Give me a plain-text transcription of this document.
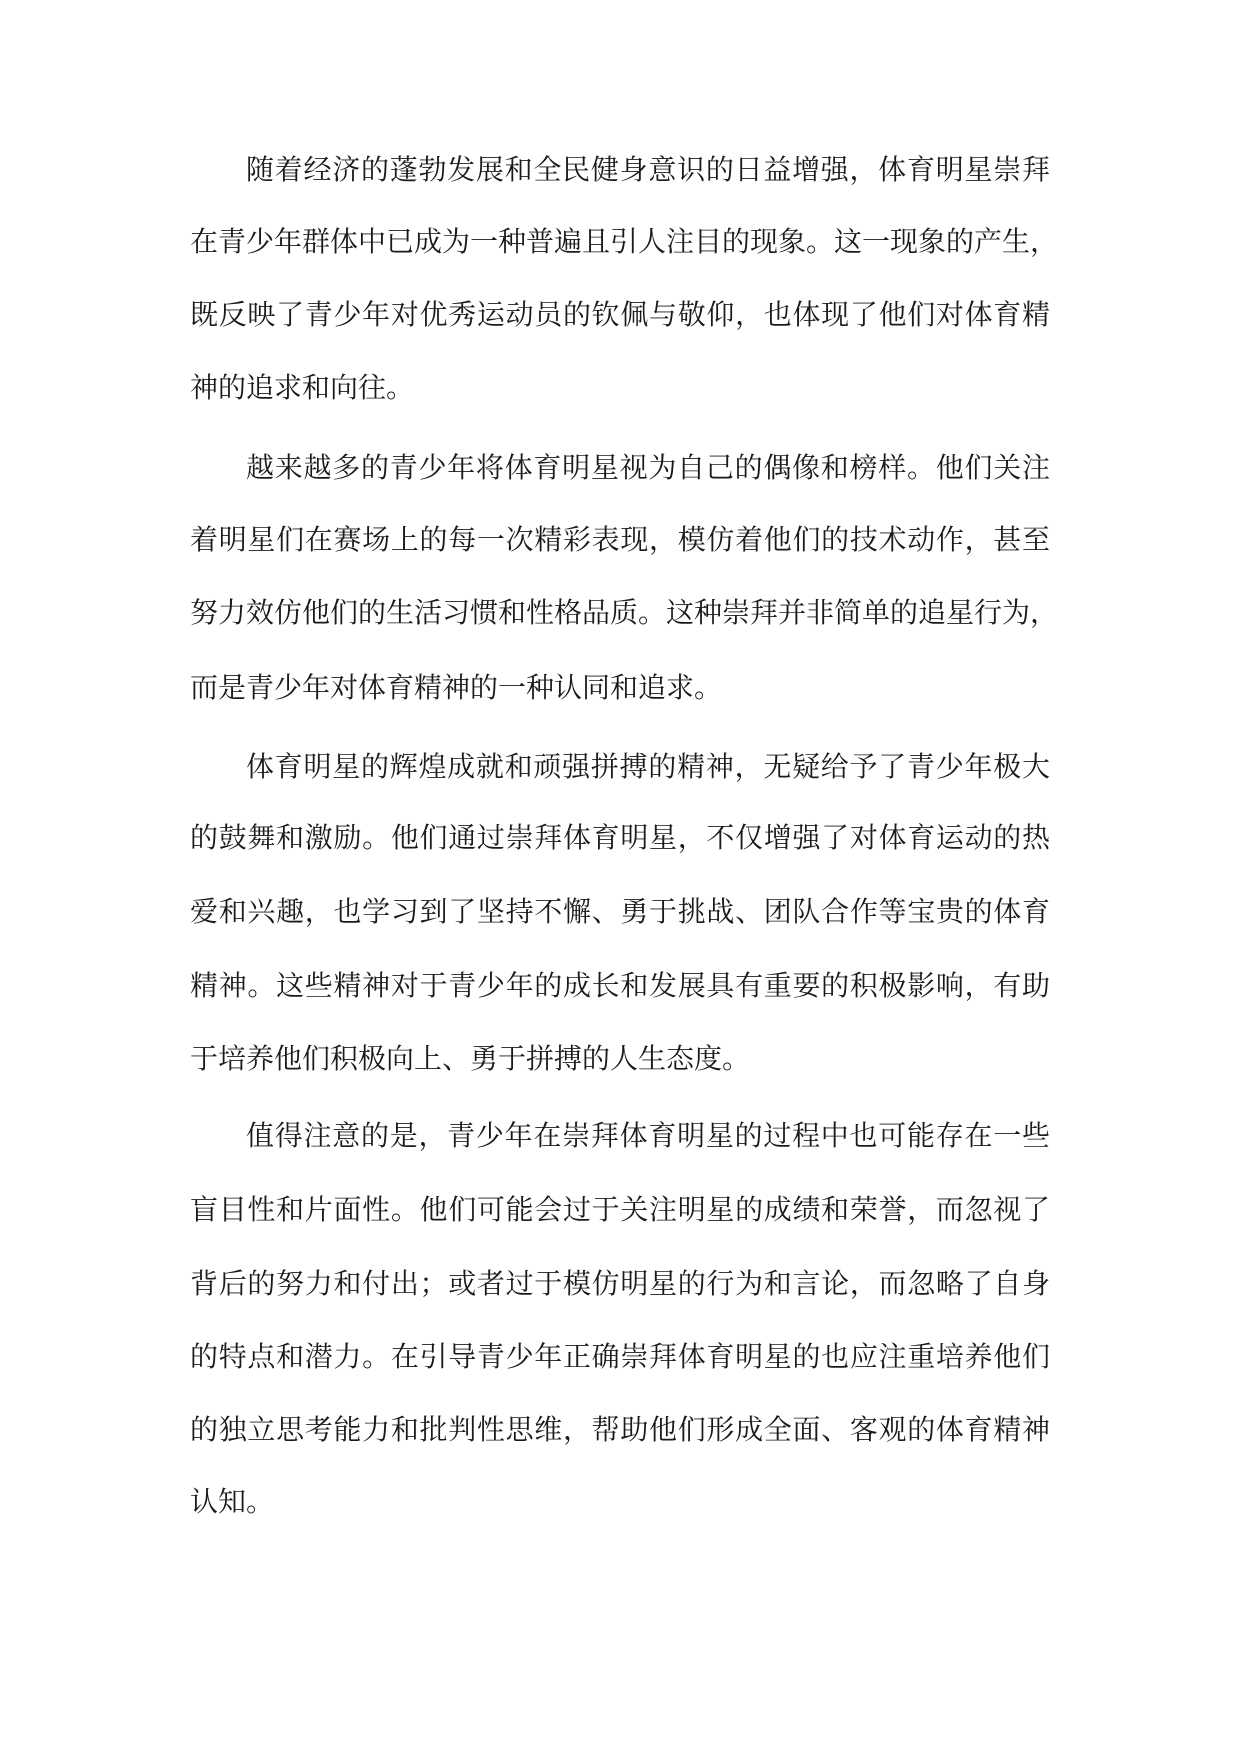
随着经济的蓬勃发展和全民健身意识的日益增强，体育明星崇拜
在青少年群体中已成为一种普遍且引人注目的现象。这一现象的产生，
既反映了青少年对优秀运动员的钦佩与敬仰，也体现了他们对体育精
神的追求和向往。
越来越多的青少年将体育明星视为自己的偶像和榜样。他们关注
着明星们在赛场上的每一次精彩表现，模仿着他们的技术动作，甚至
努力效仿他们的生活习惯和性格品质。这种崇拜并非简单的追星行为，
而是青少年对体育精神的一种认同和追求。
体育明星的辉煌成就和顽强拼搏的精神，无疑给予了青少年极大
的鼓舞和激励。他们通过崇拜体育明星，不仅增强了对体育运动的热
爱和兴趣，也学习到了坚持不懈、勇于挑战、团队合作等宝贵的体育
精神。这些精神对于青少年的成长和发展具有重要的积极影响，有助
于培养他们积极向上、勇于拼搏的人生态度。
值得注意的是，青少年在崇拜体育明星的过程中也可能存在一些
盲目性和片面性。他们可能会过于关注明星的成绩和荣誉，而忽视了
背后的努力和付出；或者过于模仿明星的行为和言论，而忽略了自身
的特点和潜力。在引导青少年正确崇拜体育明星的也应注重培养他们
的独立思考能力和批判性思维，帮助他们形成全面、客观的体育精神
认知。
